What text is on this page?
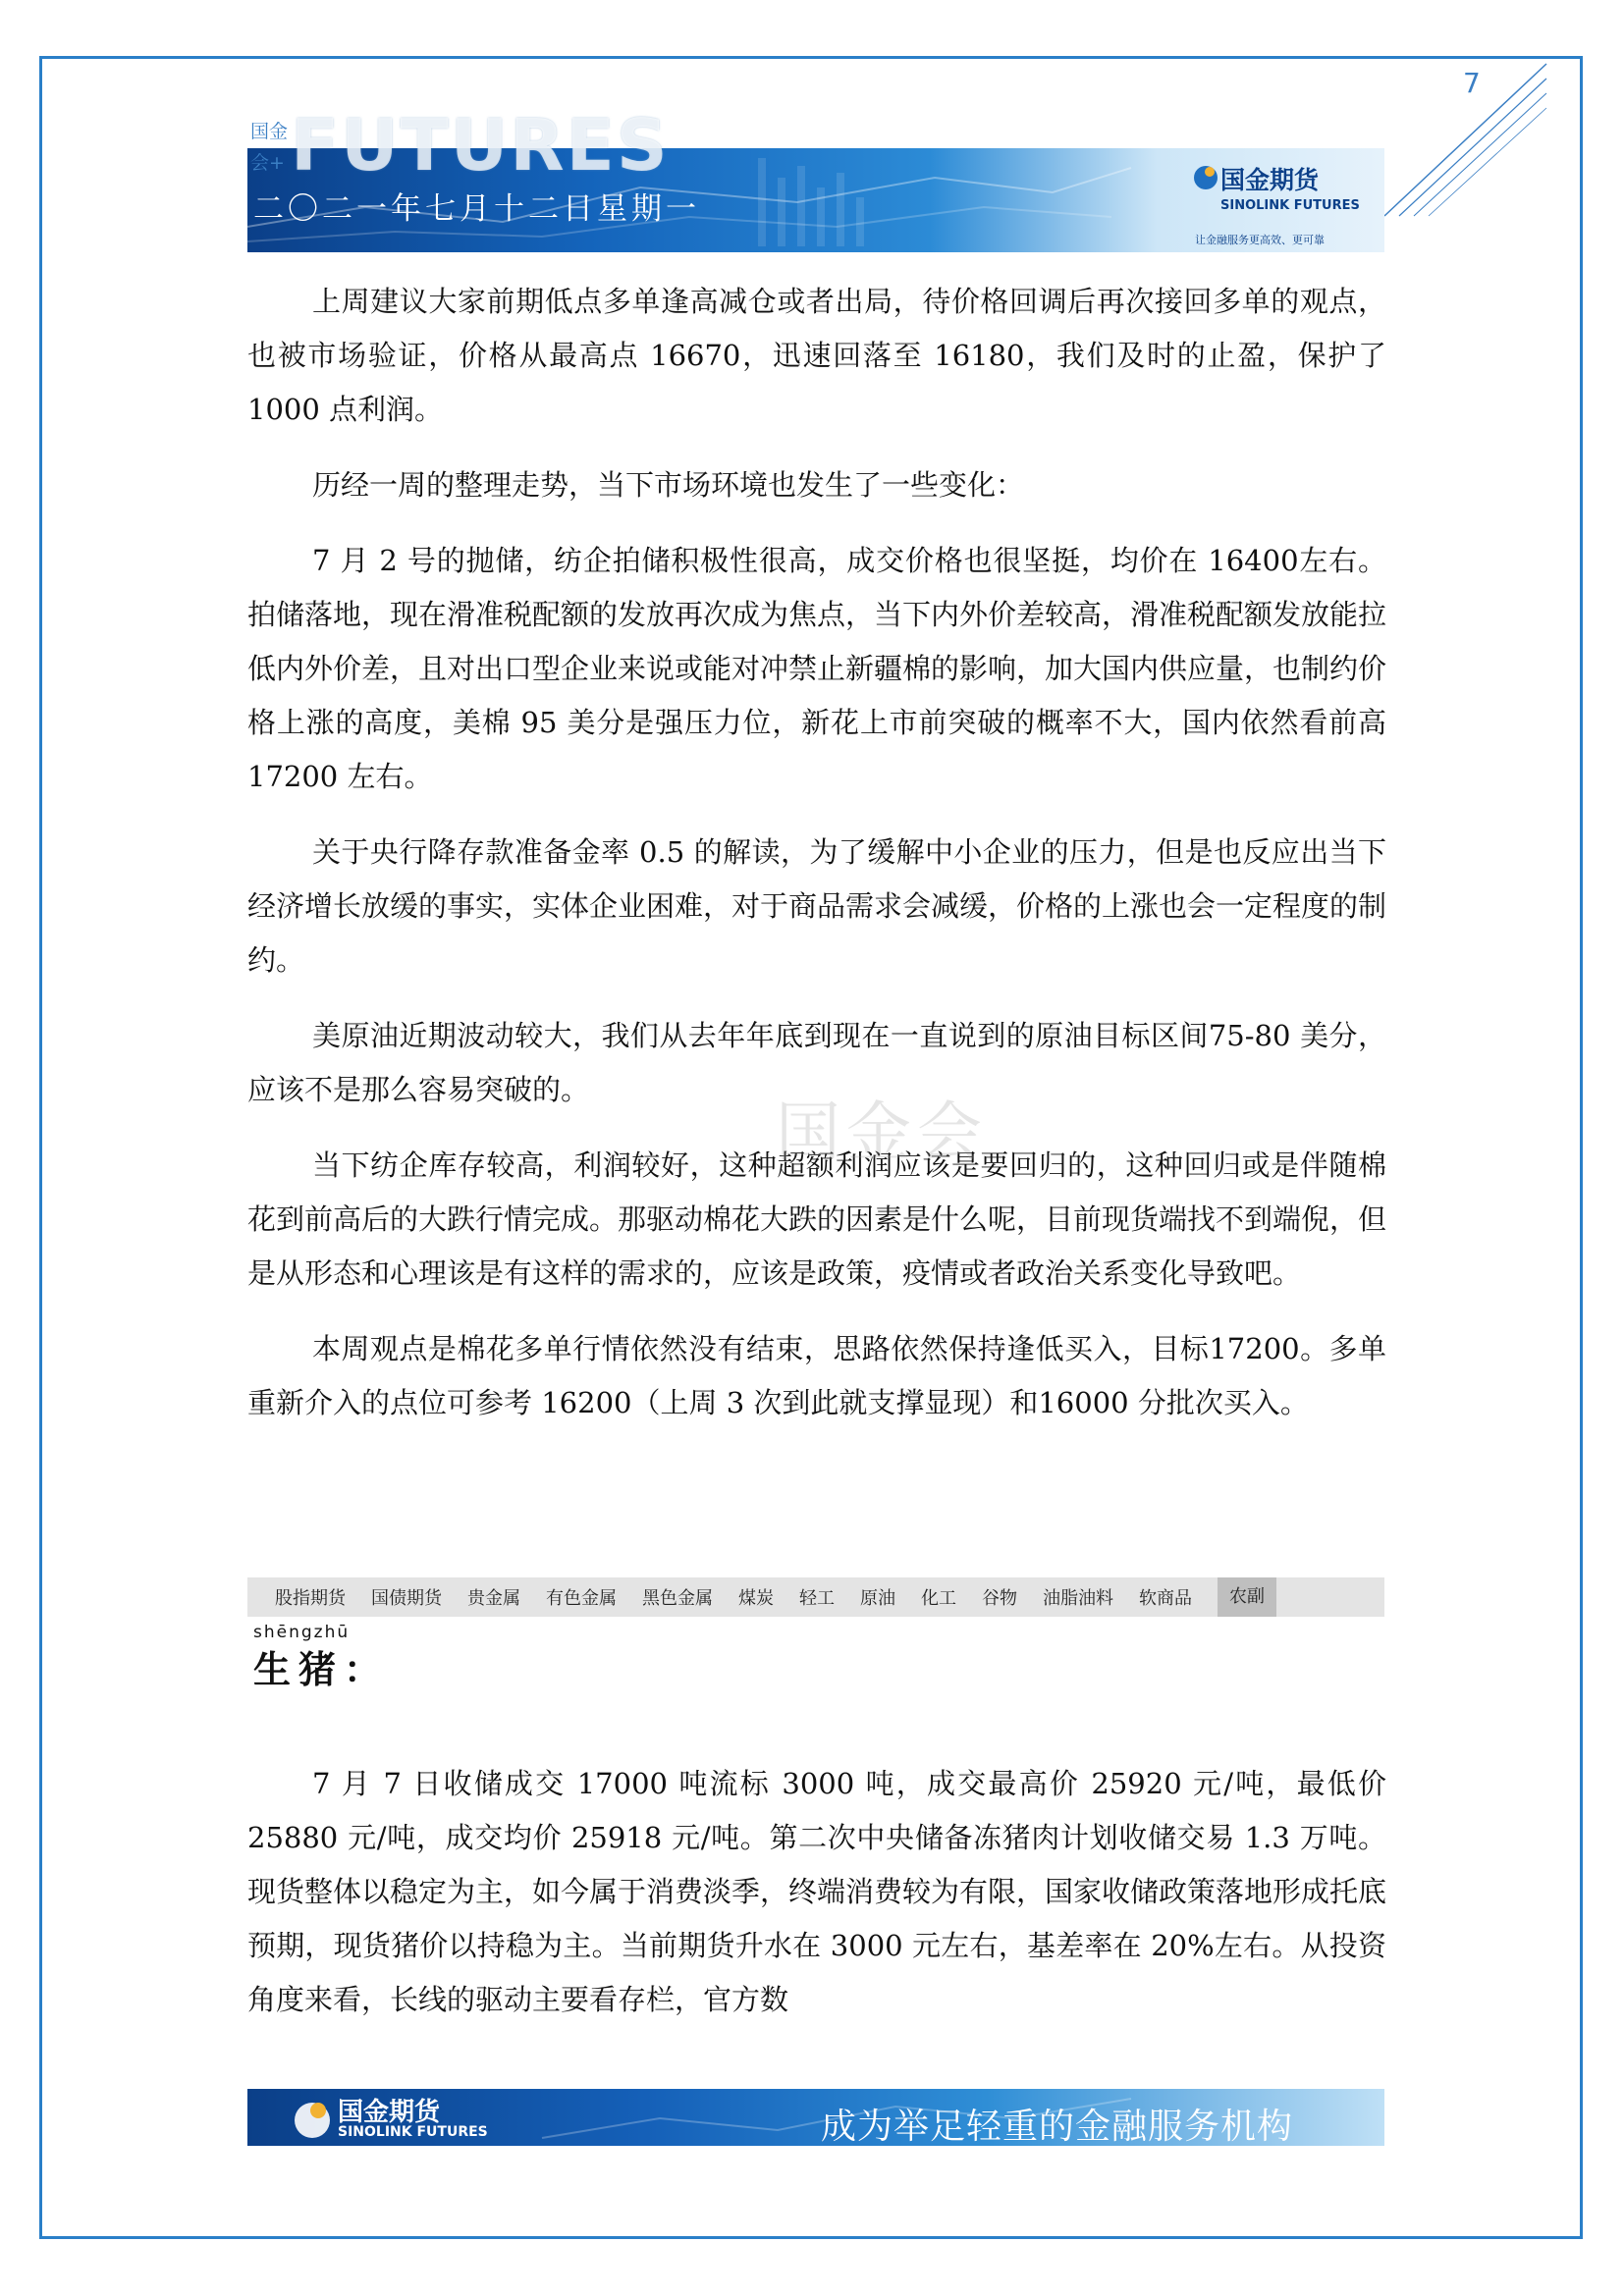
7
FUTURES
国金
会+
二〇二一年七月十二日星期一
国金期货
SINOLINK FUTURES
让金融服务更高效、更可靠

上周建议大家前期低点多单逢高减仓或者出局，待价格回调后再次接回多单的观点，也被市场验证，价格从最高点 16670，迅速回落至 16180，我们及时的止盈，保护了 1000 点利润。

历经一周的整理走势，当下市场环境也发生了一些变化：

7 月 2 号的抛储，纺企拍储积极性很高，成交价格也很坚挺，均价在 16400左右。拍储落地，现在滑准税配额的发放再次成为焦点，当下内外价差较高，滑准税配额发放能拉低内外价差，且对出口型企业来说或能对冲禁止新疆棉的影响，加大国内供应量，也制约价格上涨的高度，美棉 95 美分是强压力位，新花上市前突破的概率不大，国内依然看前高 17200 左右。

关于央行降存款准备金率 0.5 的解读，为了缓解中小企业的压力，但是也反应出当下经济增长放缓的事实，实体企业困难，对于商品需求会减缓，价格的上涨也会一定程度的制约。

美原油近期波动较大，我们从去年年底到现在一直说到的原油目标区间75-80 美分，应该不是那么容易突破的。

当下纺企库存较高，利润较好，这种超额利润应该是要回归的，这种回归或是伴随棉花到前高后的大跌行情完成。那驱动棉花大跌的因素是什么呢，目前现货端找不到端倪，但是从形态和心理该是有这样的需求的，应该是政策，疫情或者政治关系变化导致吧。

本周观点是棉花多单行情依然没有结束，思路依然保持逢低买入，目标17200。多单重新介入的点位可参考 16200（上周 3 次到此就支撑显现）和16000 分批次买入。

国金会
股指期货 国债期货 贵金属 有色金属 黑色金属 煤炭 轻工 原油 化工 谷物 油脂油料 软商品	农副
shēngzhū
生猪：

7 月 7 日收储成交 17000 吨流标 3000 吨，成交最高价 25920 元/吨，最低价 25880 元/吨，成交均价 25918 元/吨。第二次中央储备冻猪肉计划收储交易 1.3 万吨。现货整体以稳定为主，如今属于消费淡季，终端消费较为有限，国家收储政策落地形成托底预期，现货猪价以持稳为主。当前期货升水在 3000 元左右，基差率在 20%左右。从投资角度来看，长线的驱动主要看存栏，官方数

国金期货
SINOLINK FUTURES	成为举足轻重的金融服务机构
